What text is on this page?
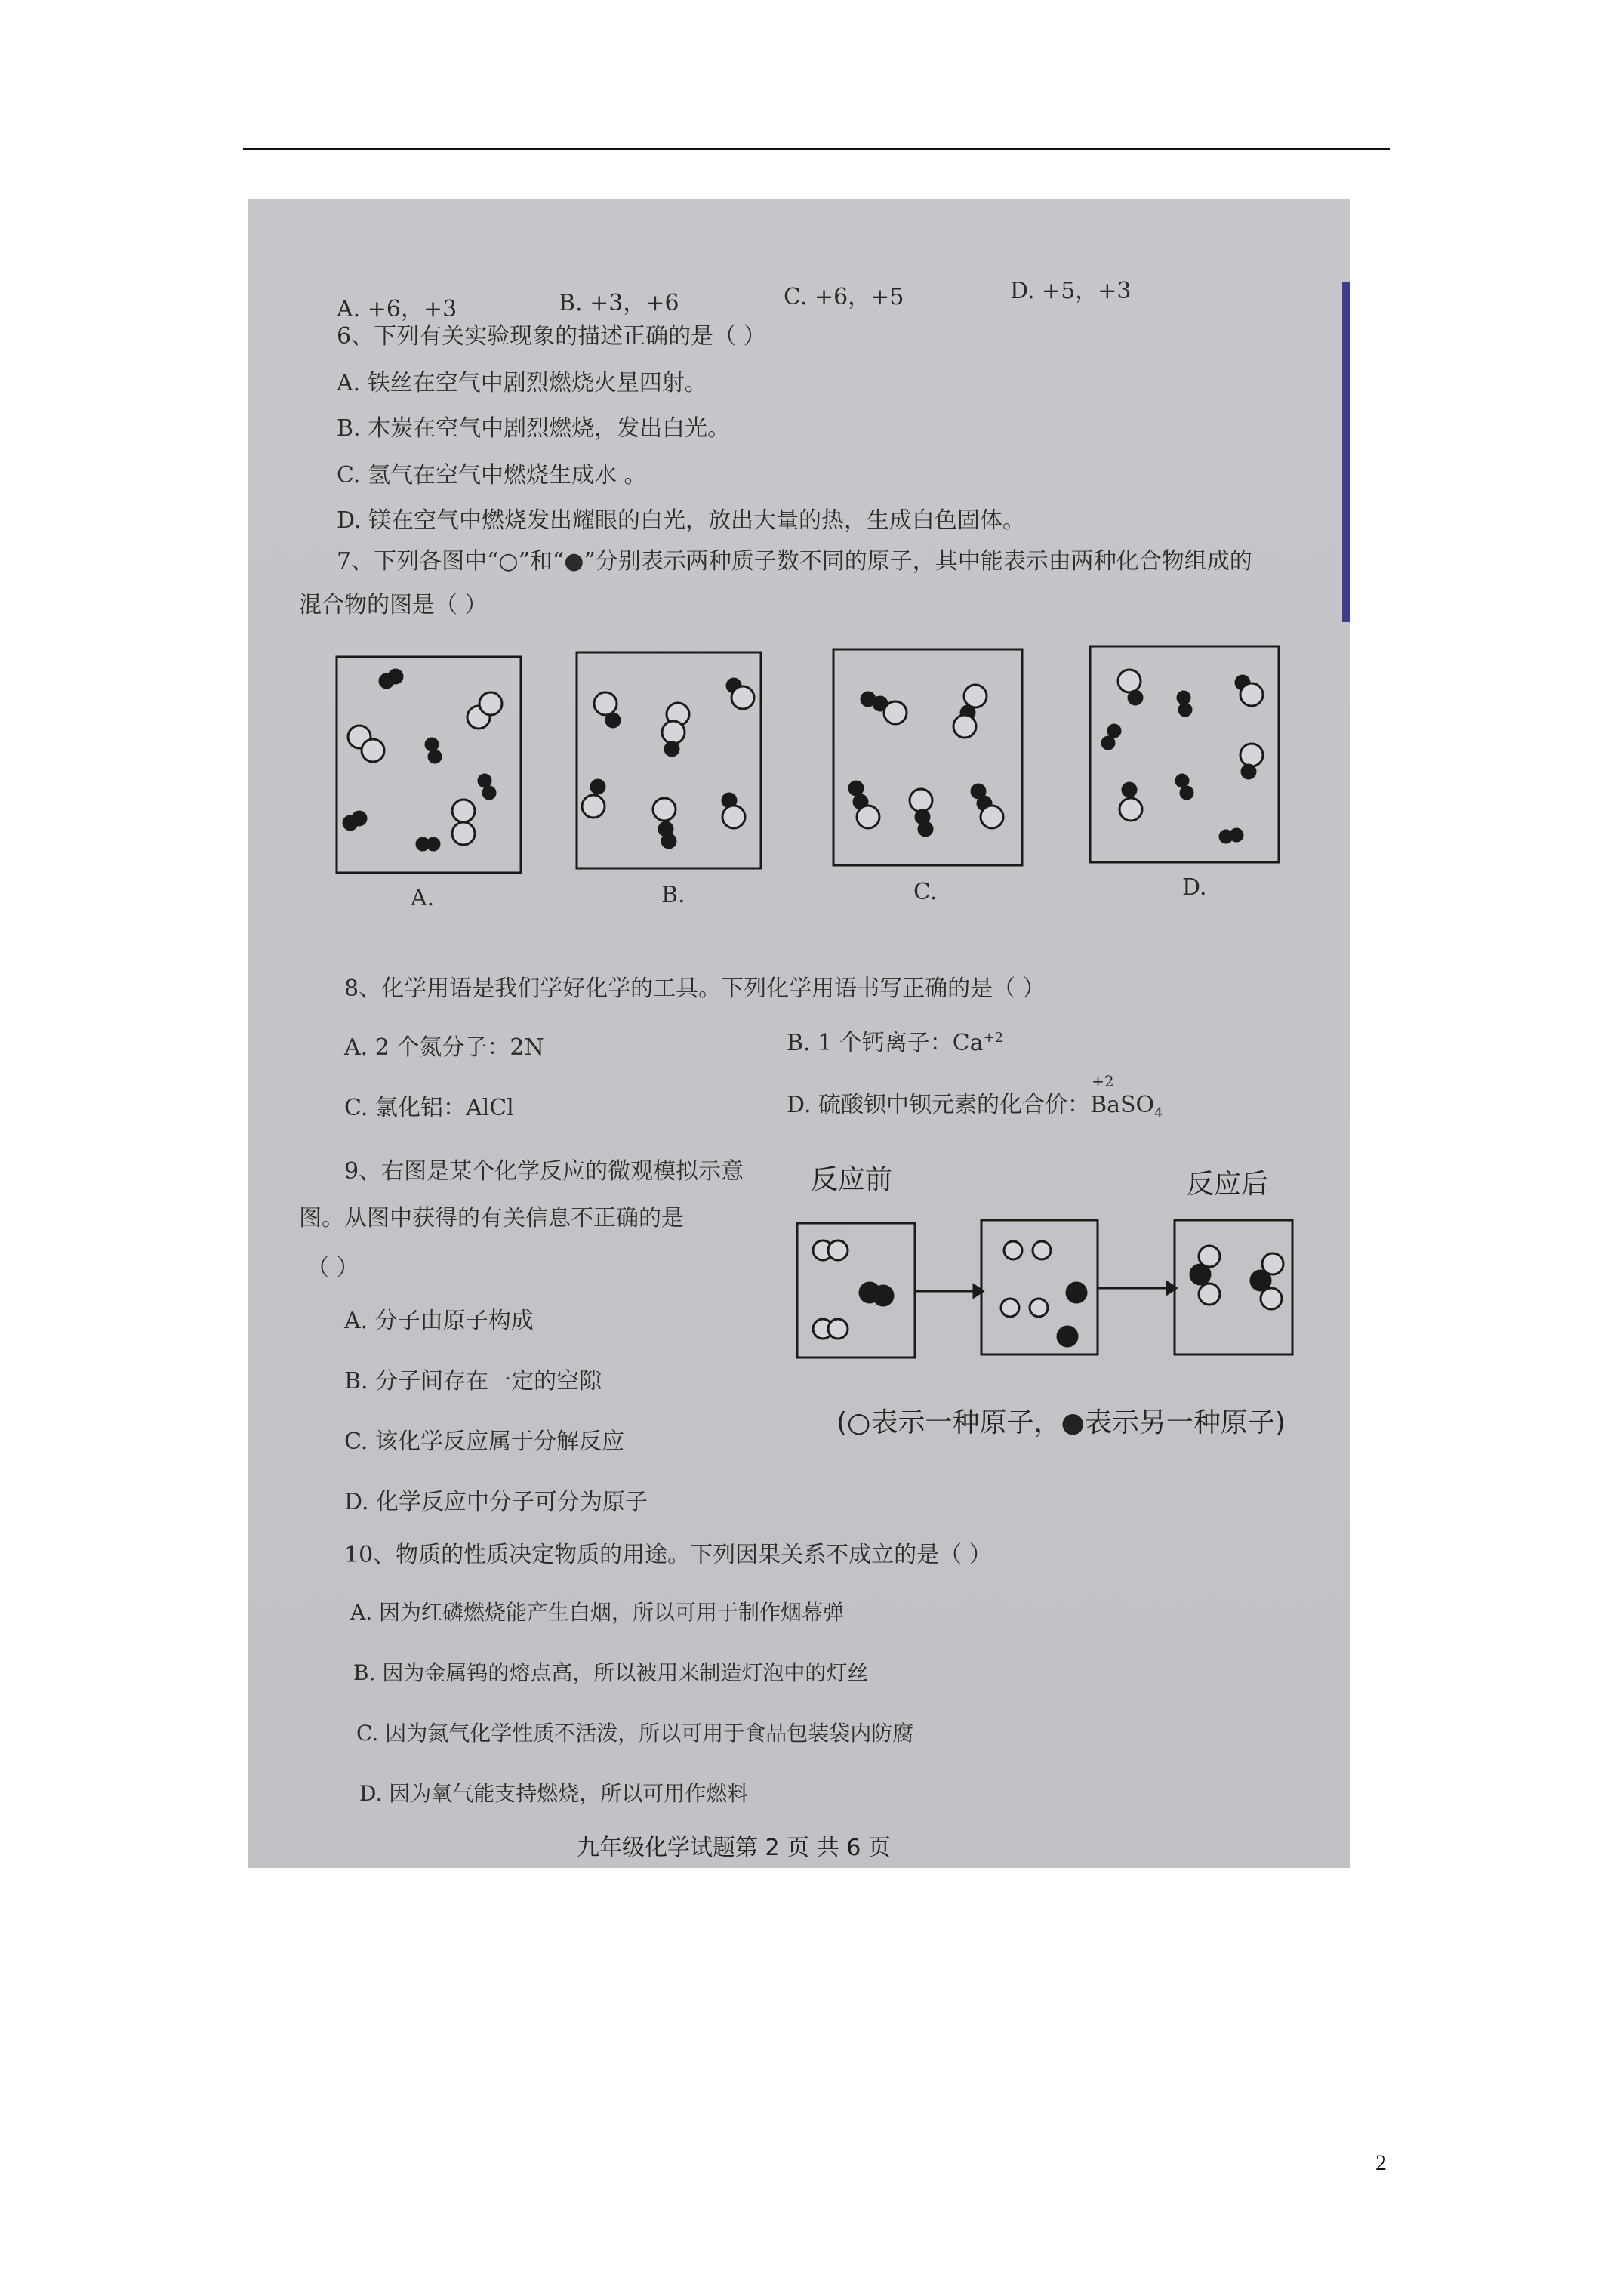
A. +6，+3	B. +3，+6	C. +6，+5	D. +5，+3
6、下列有关实验现象的描述正确的是（ ）
A. 铁丝在空气中剧烈燃烧火星四射。
B. 木炭在空气中剧烈燃烧，发出白光。
C. 氢气在空气中燃烧生成水 。
D. 镁在空气中燃烧发出耀眼的白光，放出大量的热，生成白色固体。
7、下列各图中“○”和“●”分别表示两种质子数不同的原子，其中能表示由两种化合物组成的
混合物的图是（ ）
8、化学用语是我们学好化学的工具。下列化学用语书写正确的是（ ）
A. 2 个氮分子：2N	B. 1 个钙离子：$Ca^{+2}$
C. 氯化铝：AlCl	D. 硫酸钡中钡元素的化合价：
+2
BaSO$_4$
9、右图是某个化学反应的微观模拟示意
图。从图中获得的有关信息不正确的是
（ ）
A. 分子由原子构成
B. 分子间存在一定的空隙
C. 该化学反应属于分解反应
D. 化学反应中分子可分为原子
反应前	反应后
(○表示一种原子，●表示另一种原子)
10、物质的性质决定物质的用途。下列因果关系不成立的是（ ）
A. 因为红磷燃烧能产生白烟，所以可用于制作烟幕弹
B. 因为金属钨的熔点高，所以被用来制造灯泡中的灯丝
C. 因为氮气化学性质不活泼，所以可用于食品包装袋内防腐
D. 因为氧气能支持燃烧，所以可用作燃料
A.	B.	C.	D.
九年级化学试题第 2 页 共 6 页
2
